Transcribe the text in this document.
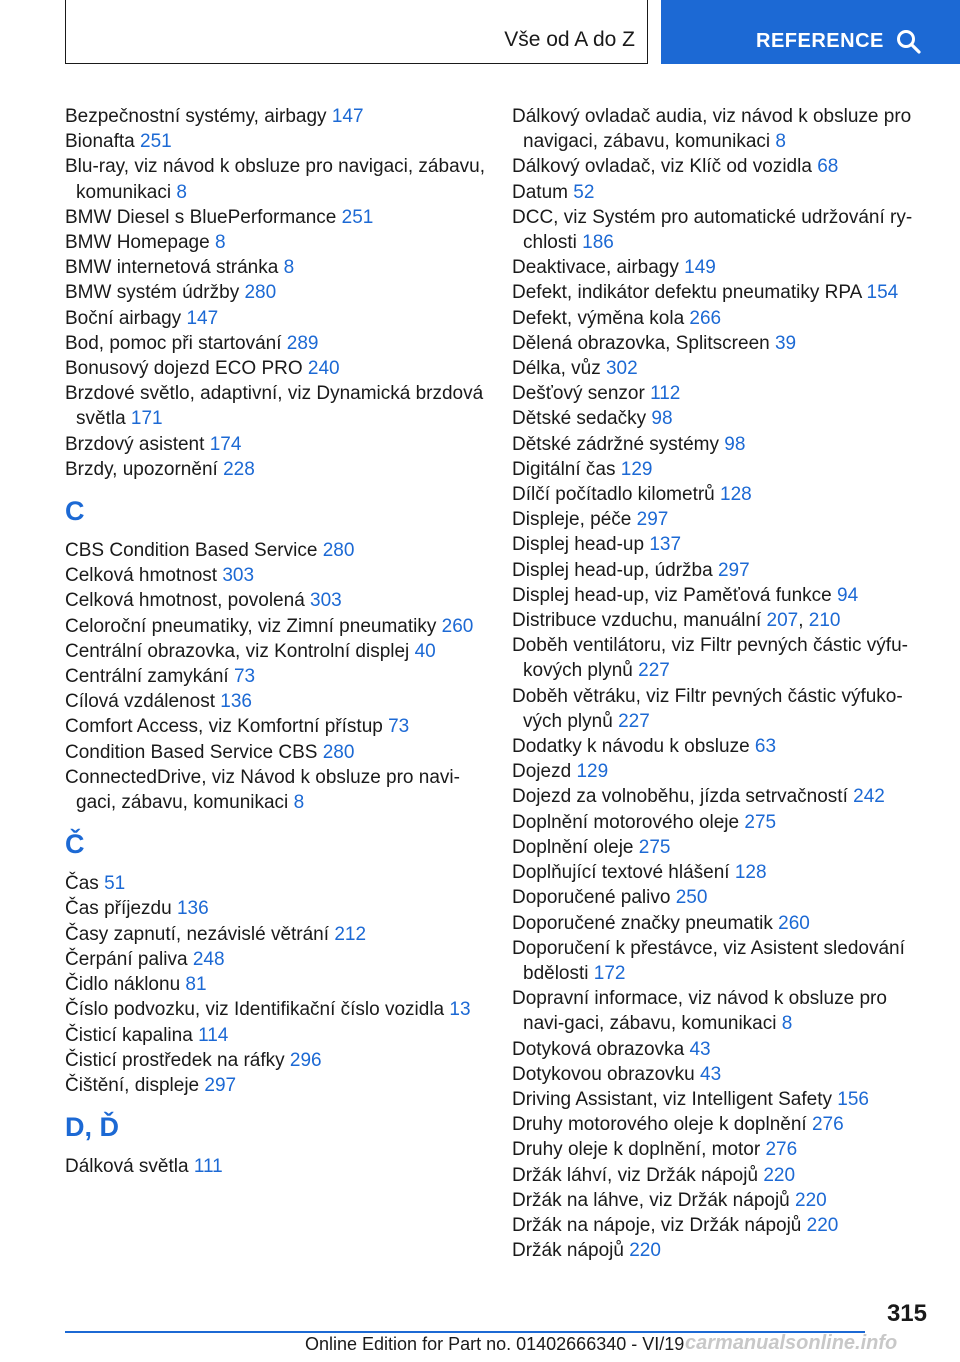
Vše od A do Z	REFERENCE
Bezpečnostní systémy, airbagy 147
Bionafta 251
Blu-ray, viz návod k obsluze pro navigaci, zábavu, komunikaci 8
BMW Diesel s BluePerformance 251
BMW Homepage 8
BMW internetová stránka 8
BMW systém údržby 280
Boční airbagy 147
Bod, pomoc při startování 289
Bonusový dojezd ECO PRO 240
Brzdové světlo, adaptivní, viz Dynamická brzdová světla 171
Brzdový asistent 174
Brzdy, upozornění 228
C
CBS Condition Based Service 280
Celková hmotnost 303
Celková hmotnost, povolená 303
Celoroční pneumatiky, viz Zimní pneumatiky 260
Centrální obrazovka, viz Kontrolní displej 40
Centrální zamykání 73
Cílová vzdálenost 136
Comfort Access, viz Komfortní přístup 73
Condition Based Service CBS 280
ConnectedDrive, viz Návod k obsluze pro navi-gaci, zábavu, komunikaci 8
Č
Čas 51
Čas příjezdu 136
Časy zapnutí, nezávislé větrání 212
Čerpání paliva 248
Čidlo náklonu 81
Číslo podvozku, viz Identifikační číslo vozidla 13
Čisticí kapalina 114
Čisticí prostředek na ráfky 296
Čištění, displeje 297
D, Ď
Dálková světla 111
Dálkový ovladač audia, viz návod k obsluze pro navigaci, zábavu, komunikaci 8
Dálkový ovladač, viz Klíč od vozidla 68
Datum 52
DCC, viz Systém pro automatické udržování ry-chlosti 186
Deaktivace, airbagy 149
Defekt, indikátor defektu pneumatiky RPA 154
Defekt, výměna kola 266
Dělená obrazovka, Splitscreen 39
Délka, vůz 302
Dešťový senzor 112
Dětské sedačky 98
Dětské zádržné systémy 98
Digitální čas 129
Dílčí počítadlo kilometrů 128
Displeje, péče 297
Displej head-up 137
Displej head-up, údržba 297
Displej head-up, viz Paměťová funkce 94
Distribuce vzduchu, manuální 207, 210
Doběh ventilátoru, viz Filtr pevných částic výfu-kových plynů 227
Doběh větráku, viz Filtr pevných částic výfuko-vých plynů 227
Dodatky k návodu k obsluze 63
Dojezd 129
Dojezd za volnoběhu, jízda setrvačností 242
Doplnění motorového oleje 275
Doplnění oleje 275
Doplňující textové hlášení 128
Doporučené palivo 250
Doporučené značky pneumatik 260
Doporučení k přestávce, viz Asistent sledování bdělosti 172
Dopravní informace, viz návod k obsluze pro navi-gaci, zábavu, komunikaci 8
Dotyková obrazovka 43
Dotykovou obrazovku 43
Driving Assistant, viz Intelligent Safety 156
Druhy motorového oleje k doplnění 276
Druhy oleje k doplnění, motor 276
Držák láhví, viz Držák nápojů 220
Držák na láhve, viz Držák nápojů 220
Držák na nápoje, viz Držák nápojů 220
Držák nápojů 220
315
Online Edition for Part no. 01402666340 - VI/19 carmanualsonline.info
